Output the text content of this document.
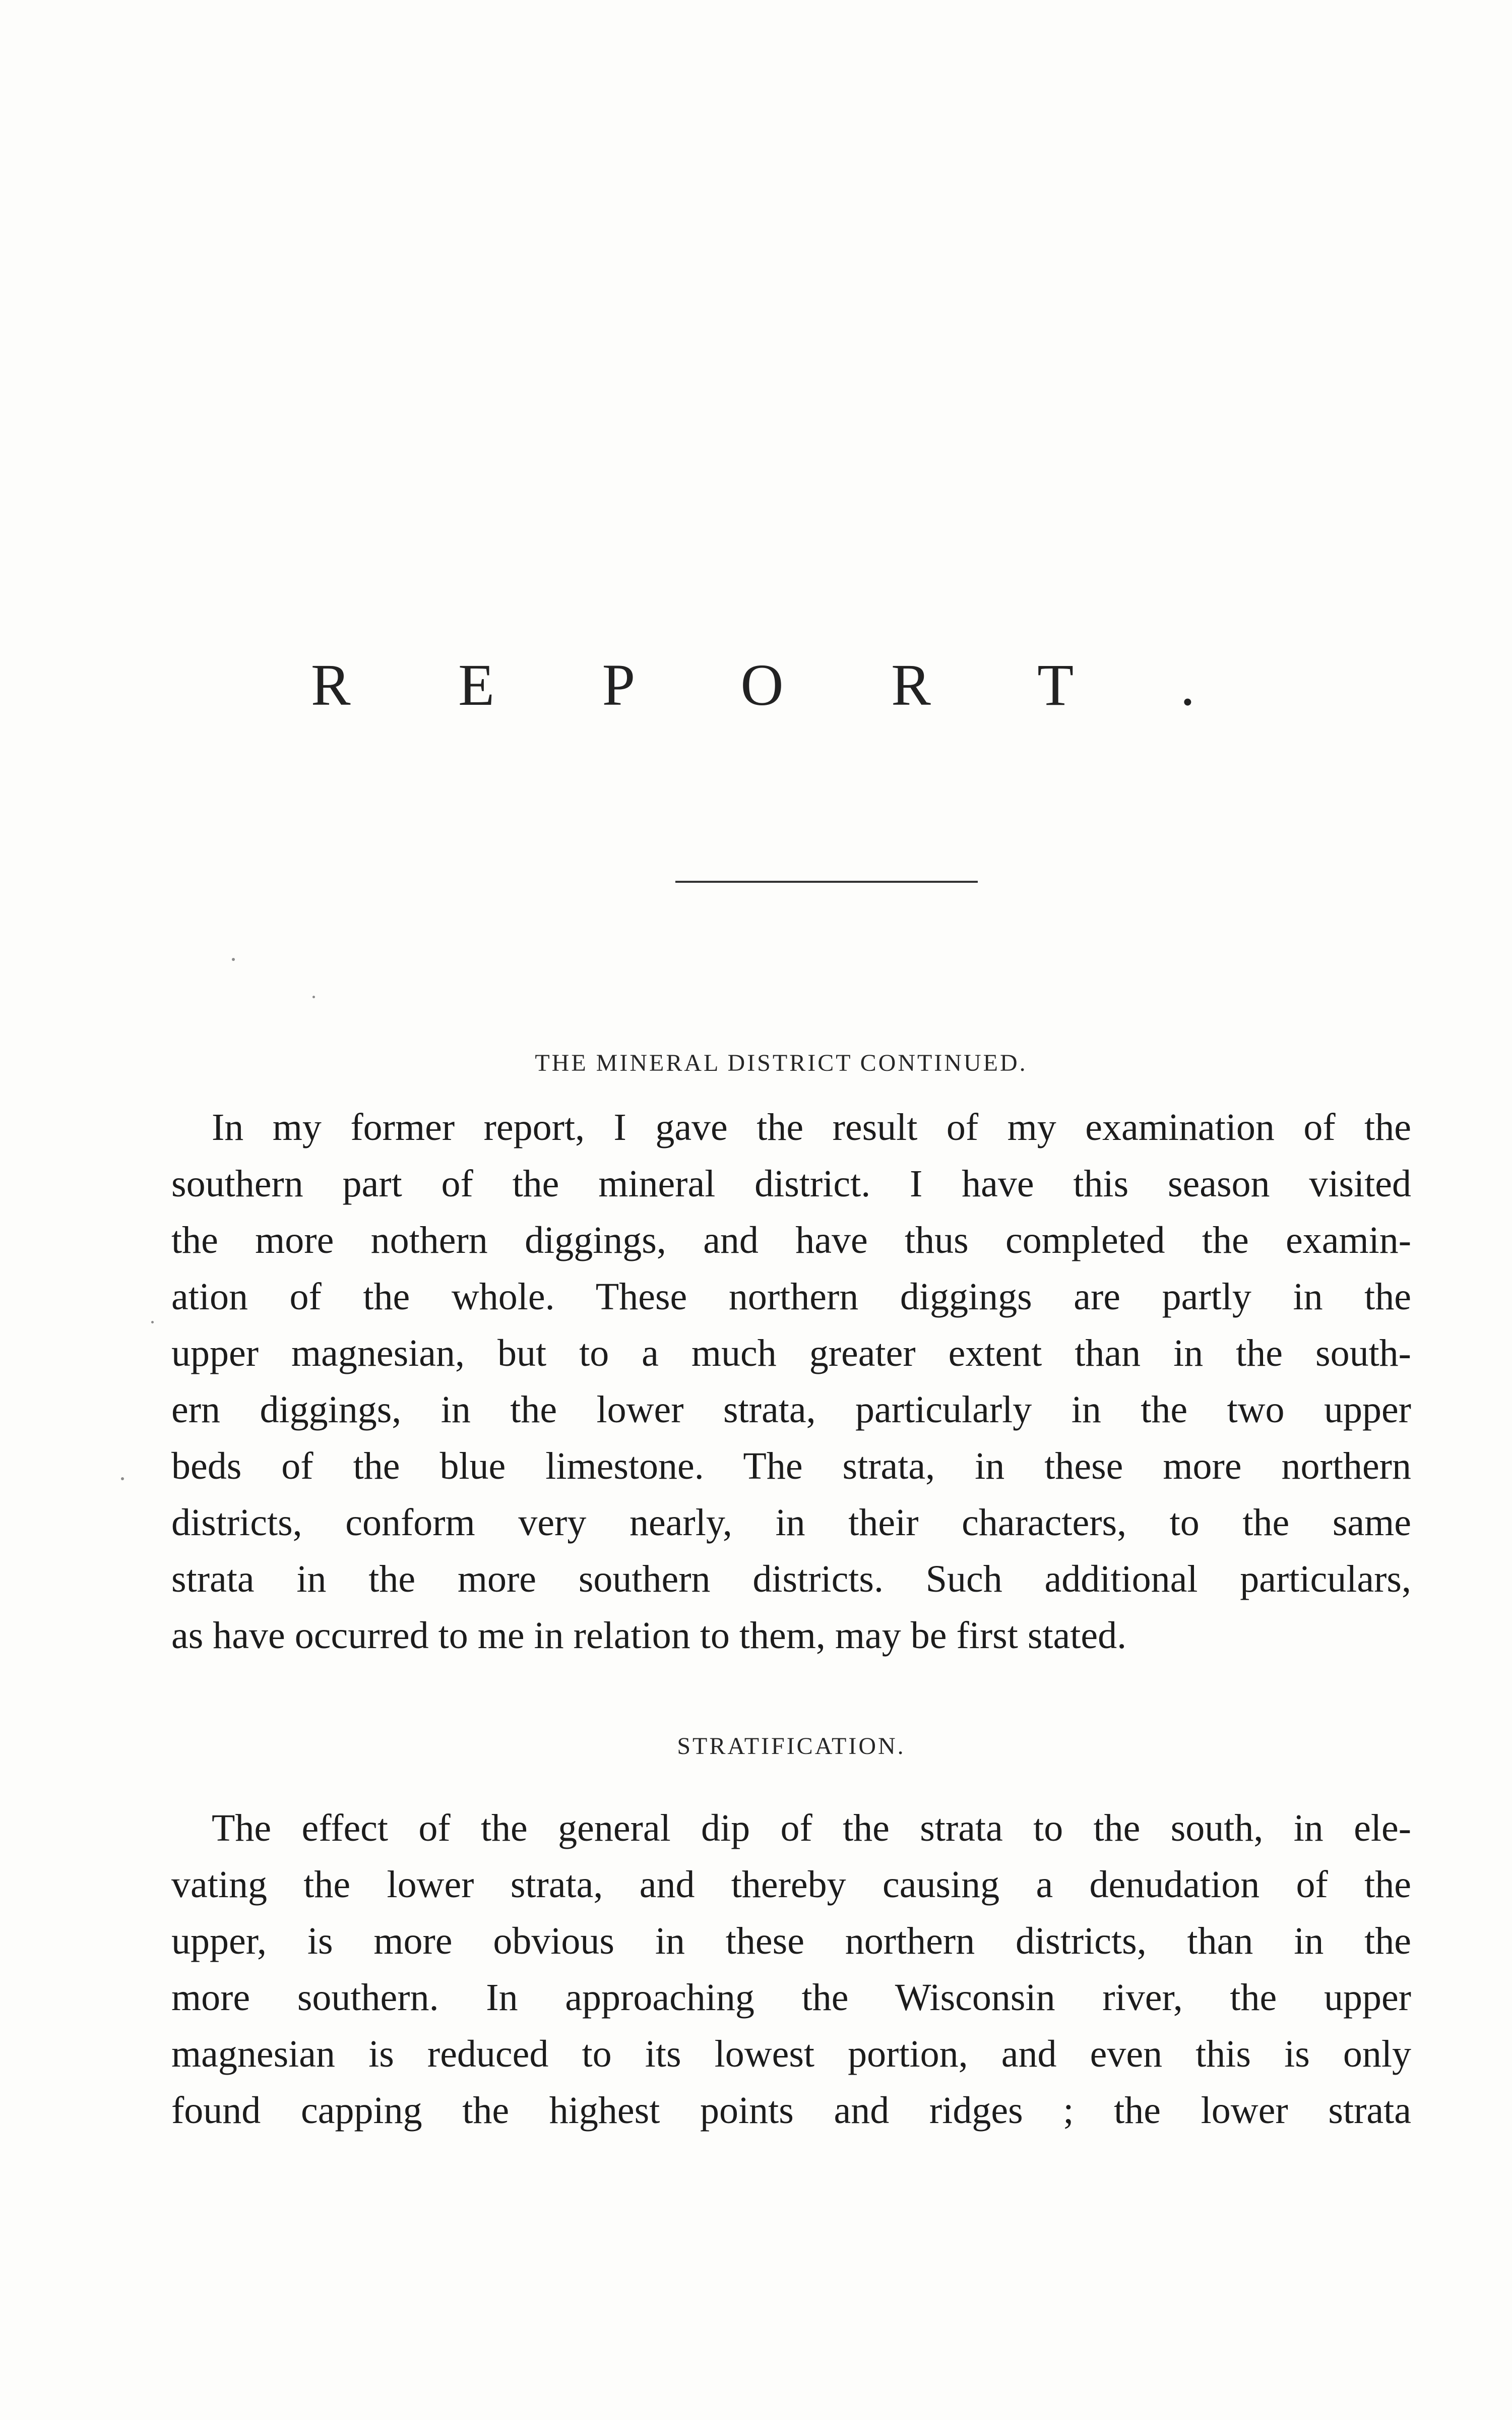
R E P O R T .
THE MINERAL DISTRICT CONTINUED.
In my former report, I gave the result of my examination of the
southern part of the mineral district. I have this season visited
the more nothern diggings, and have thus completed the examin-
ation of the whole. These northern diggings are partly in the
upper magnesian, but to a much greater extent than in the south-
ern diggings, in the lower strata, particularly in the two upper
beds of the blue limestone. The strata, in these more northern
districts, conform very nearly, in their characters, to the same
strata in the more southern districts. Such additional particulars,
as have occurred to me in relation to them, may be first stated.
STRATIFICATION.
The effect of the general dip of the strata to the south, in ele-
vating the lower strata, and thereby causing a denudation of the
upper, is more obvious in these northern districts, than in the
more southern. In approaching the Wisconsin river, the upper
magnesian is reduced to its lowest portion, and even this is only
found capping the highest points and ridges ; the lower strata
